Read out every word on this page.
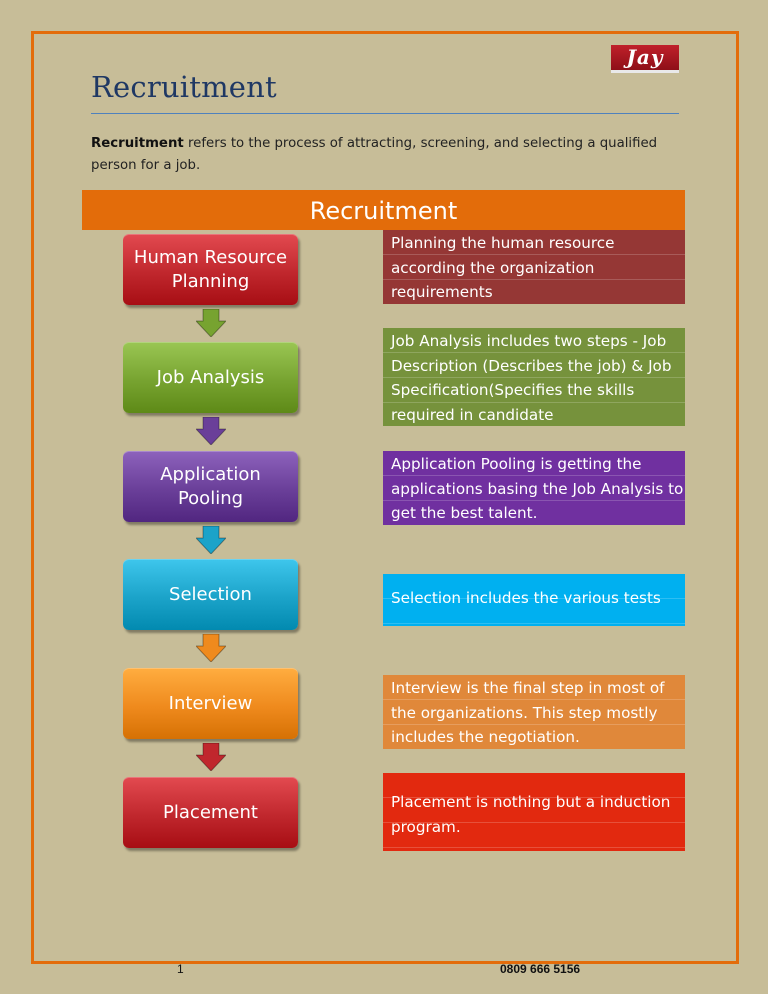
Jay
Recruitment
Recruitment refers to the process of attracting, screening, and selecting a qualified person for a job.
Recruitment
Human Resource Planning
Job Analysis
Application Pooling
Selection
Interview
Placement
Planning the human resource according the organization requirements
Job Analysis includes two steps - Job Description (Describes the job) & Job Specification(Specifies the skills required in candidate
Application Pooling is getting the applications basing the Job Analysis to get the best talent.
Selection includes the various tests
Interview is the final step in most of the organizations. This step mostly includes the negotiation.
Placement is nothing but a induction program.
1	0809 666 5156
